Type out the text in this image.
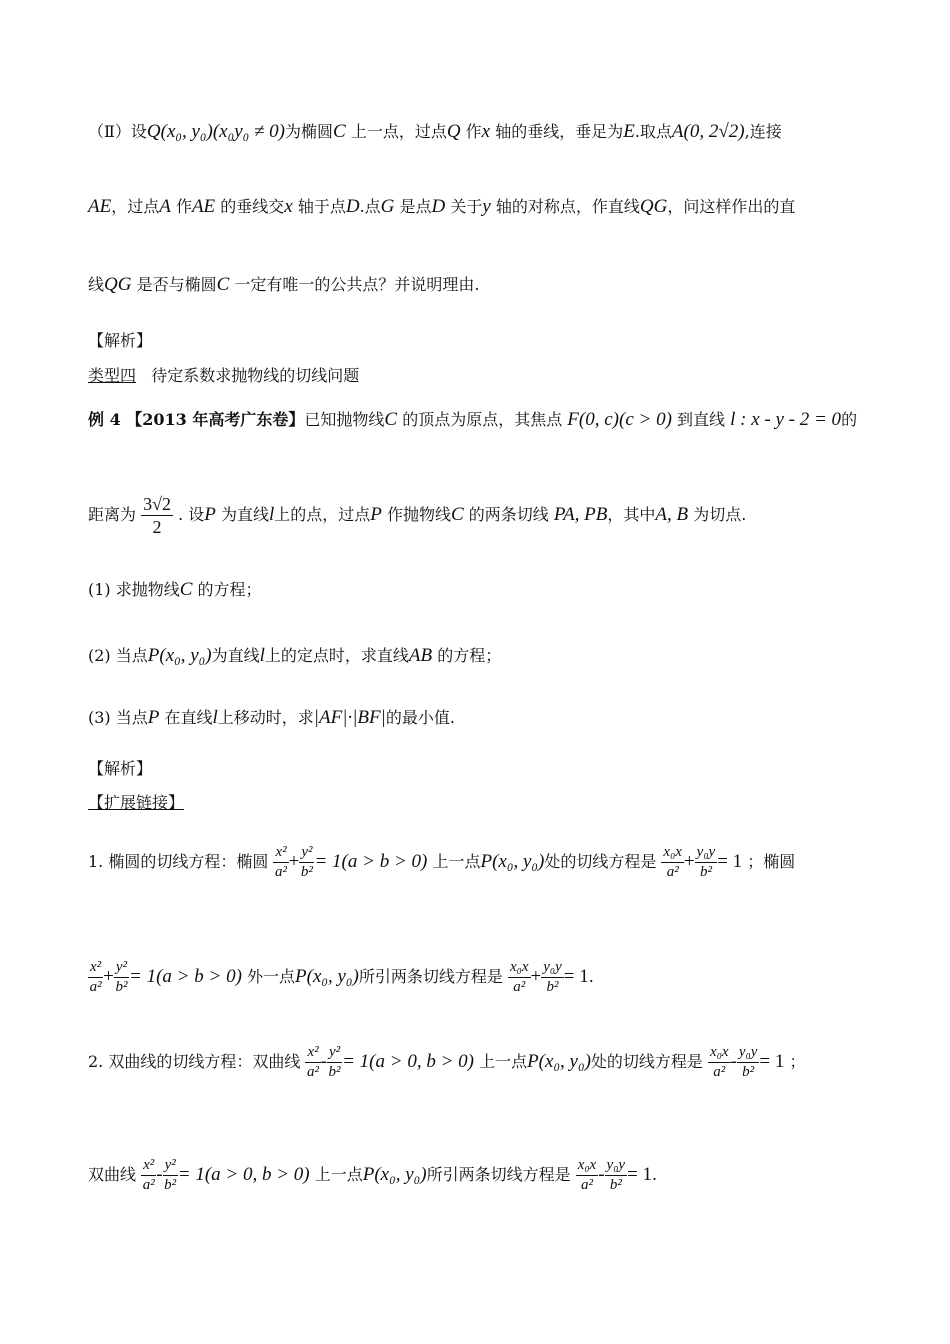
（Ⅱ）设Q(x₀, y₀)(x₀y₀ ≠ 0)为椭圆C 上一点，过点Q 作x 轴的垂线，垂足为E.取点A(0, 2√2),连接
AE，过点A 作AE 的垂线交x 轴于点D.点G 是点D 关于y 轴的对称点，作直线QG，问这样作出的直
线QG 是否与椭圆C 一定有唯一的公共点？并说明理由.
【解析】
类型四 待定系数求抛物线的切线问题
例 4 【2013 年高考广东卷】已知抛物线C 的顶点为原点，其焦点 F(0, c)(c > 0) 到直线 l : x - y - 2 = 0的
距离为 $\frac{3√2}{2}$ . 设P 为直线l上的点，过点P 作抛物线C 的两条切线 PA, PB，其中A, B 为切点.
(1) 求抛物线C 的方程；
(2) 当点P(x₀, y₀)为直线l上的定点时，求直线AB 的方程；
(3) 当点P 在直线l上移动时，求|AF|·|BF|的最小值.
【解析】
【扩展链接】
1. 椭圆的切线方程：椭圆 $\frac{\text{x²}}{\text{a²}} + \frac{\text{y²}}{\text{b²}} = 1(a > b > 0)$ 上一点P(x₀, y₀)处的切线方程是 $\frac{\text{x₀x}}{\text{a²}} + \frac{\text{y₀y}}{\text{b²}} = 1$ ；椭圆
$\frac{\text{x²}}{\text{a²}} + \frac{\text{y²}}{\text{b²}} = 1(a > b > 0)$ 外一点P(x₀, y₀)所引两条切线方程是 $\frac{\text{x₀x}}{\text{a²}} + \frac{\text{y₀y}}{\text{b²}} = 1$.
2. 双曲线的切线方程：双曲线 $\frac{\text{x²}}{\text{a²}} - \frac{\text{y²}}{\text{b²}} = 1(a > 0$, b > 0) 上一点P(x₀, y₀)处的切线方程是 $\frac{\text{x₀x}}{\text{a²}} - \frac{\text{y₀y}}{\text{b²}} = 1$ ；
双曲线 $\frac{\text{x²}}{\text{a²}} - \frac{\text{y²}}{\text{b²}} = 1(a > 0$, b > 0) 上一点P(x₀, y₀)所引两条切线方程是 $\frac{\text{x₀x}}{\text{a²}} - \frac{\text{y₀y}}{\text{b²}} = 1$.
